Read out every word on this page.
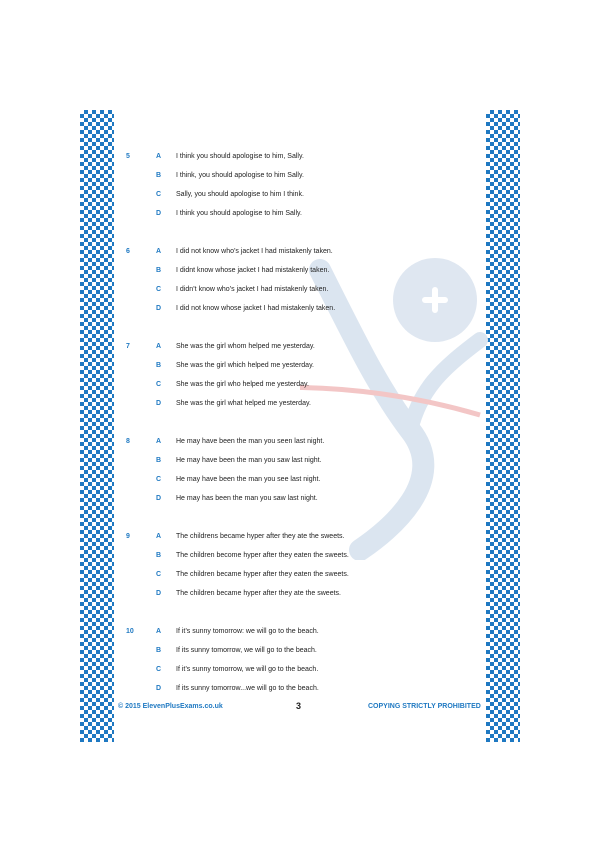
5	A I think you should apologise to him, Sally.
B I think, you should apologise to him Sally.
C Sally, you should apologise to him I think.
D I think you should apologise to him Sally.
6	A I did not know who’s jacket I had mistakenly taken.
B I didnt know whose jacket I had mistakenly taken.
C I didn’t know who’s jacket I had mistakenly taken.
D I did not know whose jacket I had mistakenly taken.
7	A She was the girl whom helped me yesterday.
B She was the girl which helped me yesterday.
C She was the girl who helped me yesterday.
D She was the girl what helped me yesterday.
8	A He may have been the man you seen last night.
B He may have been the man you saw last night.
C He may have been the man you see last night.
D He may has been the man you saw last night.
9	A The childrens became hyper after they ate the sweets.
B The children become hyper after they eaten the sweets.
C The children became hyper after they eaten the sweets.
D The children became hyper after they ate the sweets.
10	A If it’s sunny tomorrow: we will go to the beach.
B If its sunny tomorrow, we will go to the beach.
C If it’s sunny tomorrow, we will go to the beach.
D If its sunny tomorrow...we will go to the beach.
© 2015 ElevenPlusExams.co.uk	3	COPYING STRICTLY PROHIBITED
